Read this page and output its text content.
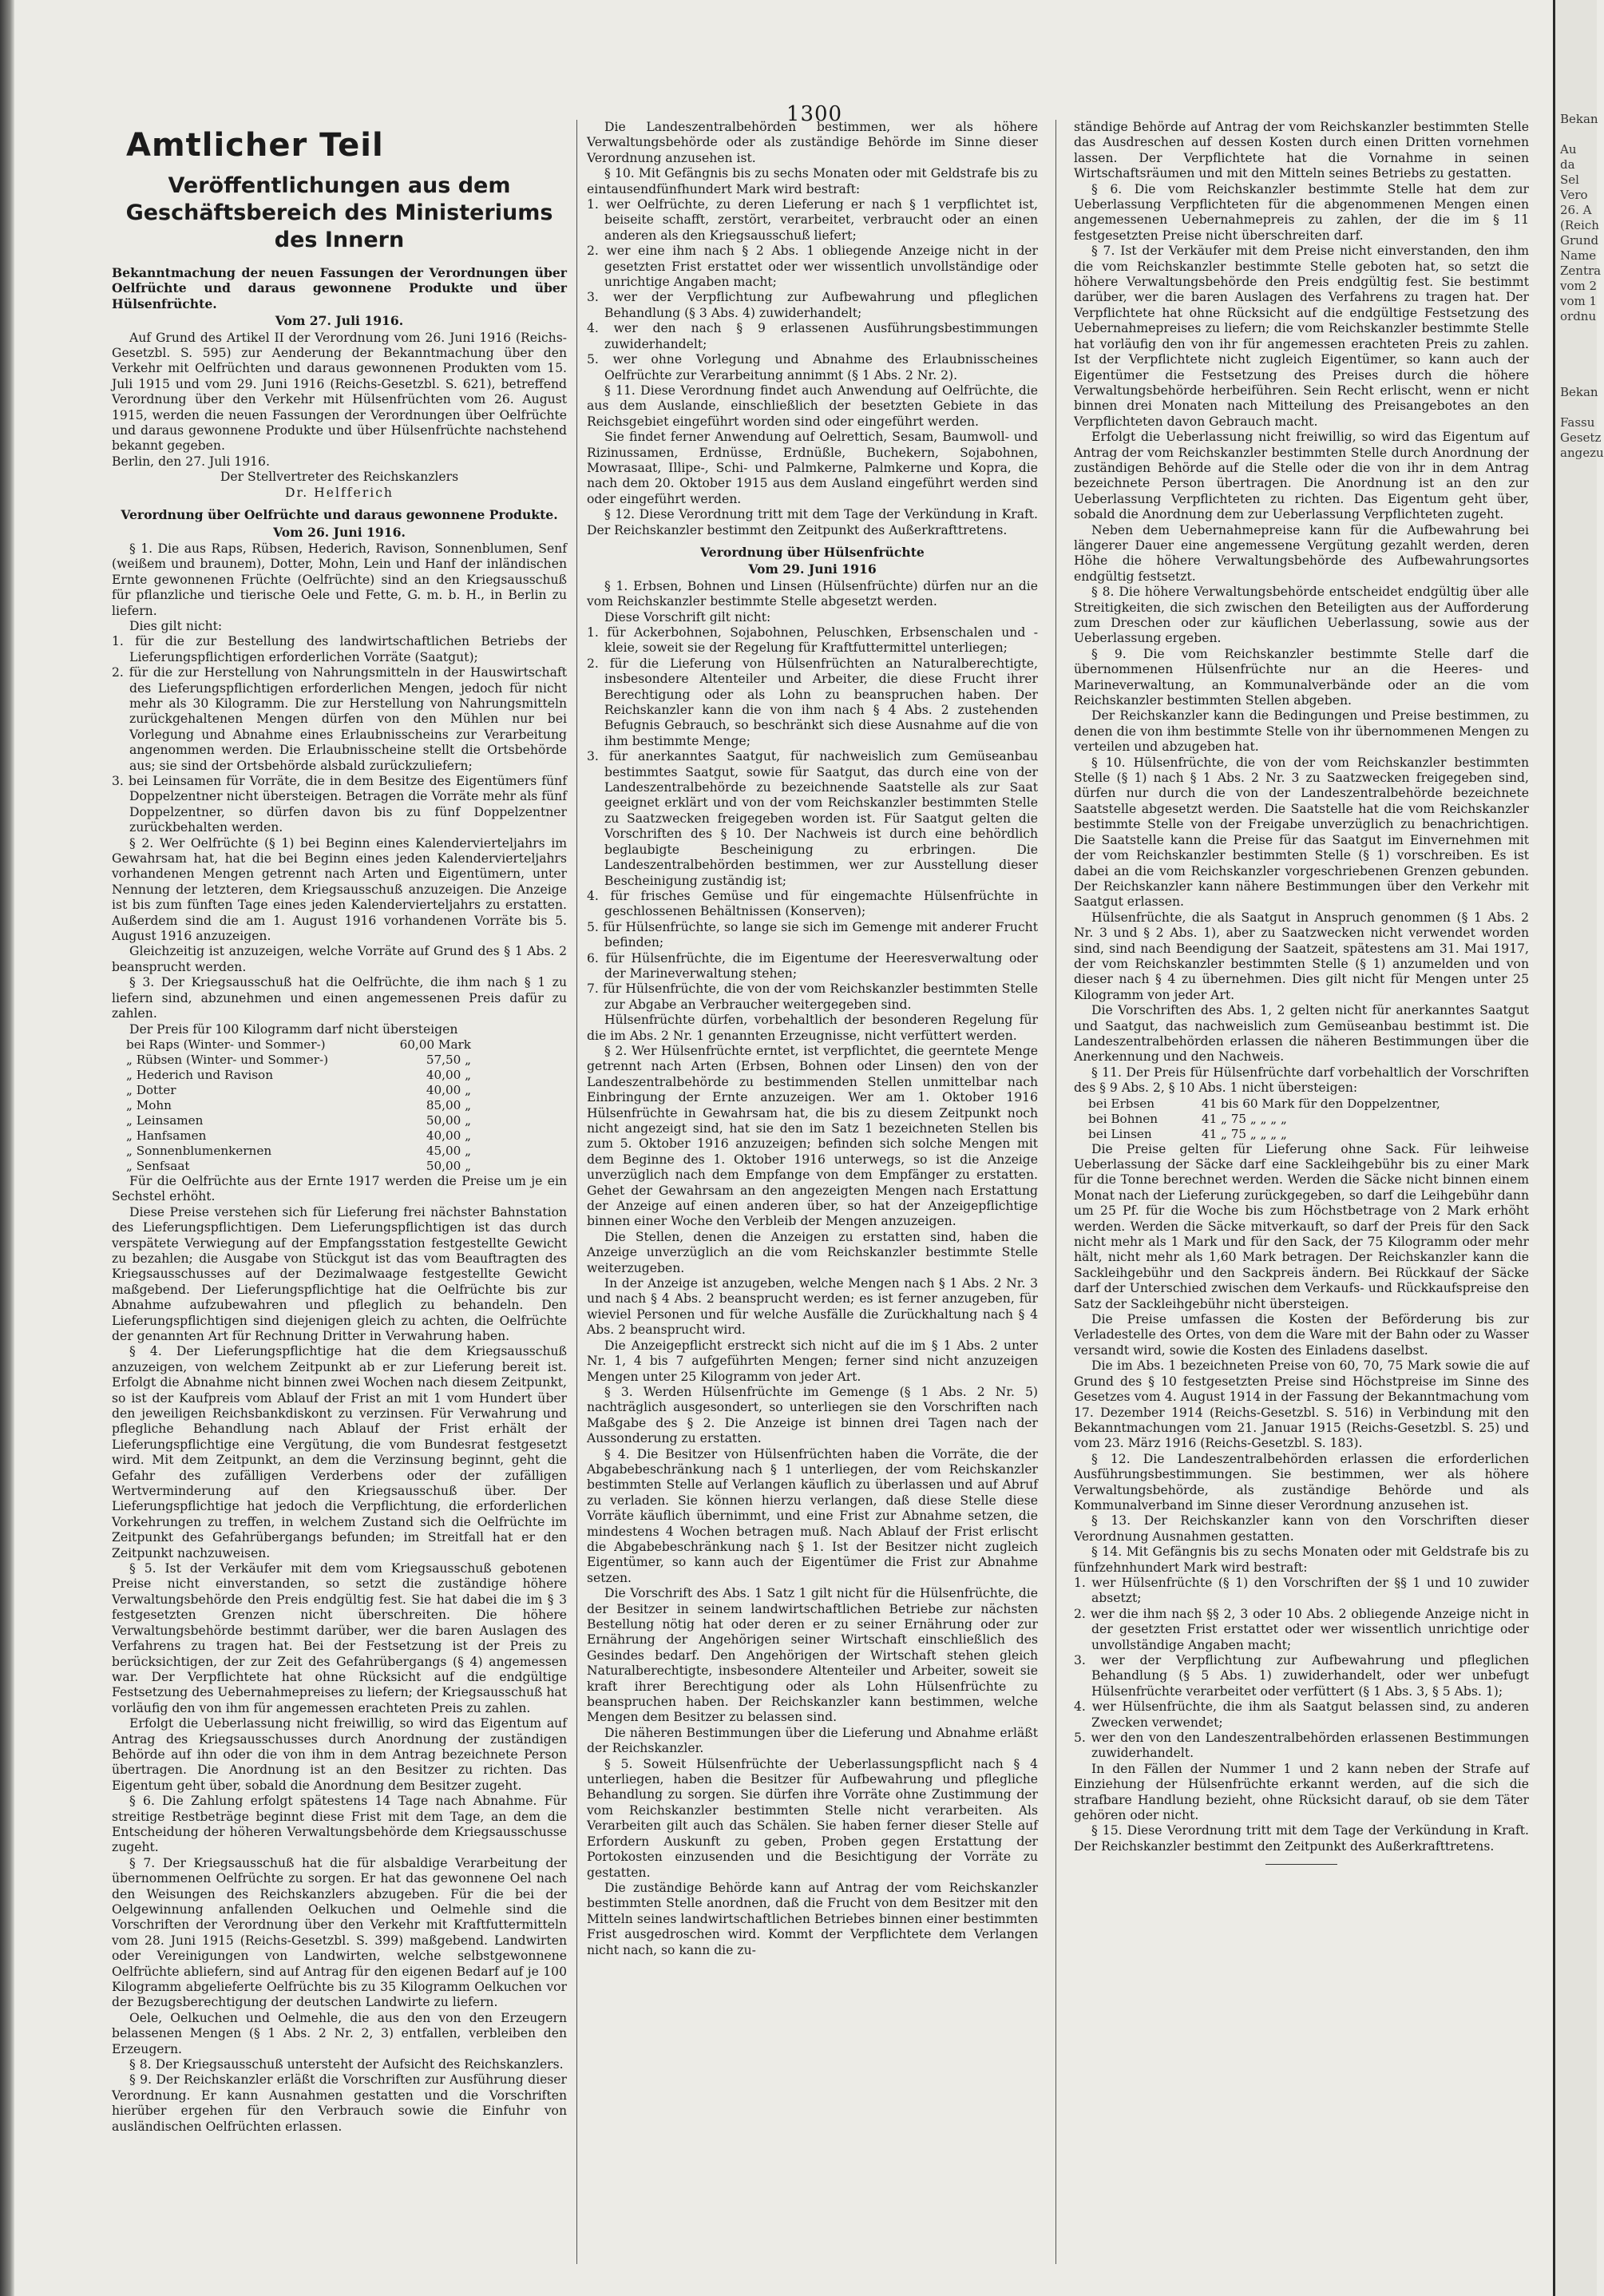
Bekan

Au
da
Sel
Vero
26. A
(Reich
Grund
Name
Zentra
vom 2
vom 1
ordnu

Bekan

Fassu
Gesetz
angezu
1300
Amtlicher Teil
Veröffentlichungen aus dem Geschäftsbereich des Ministeriums des Innern
Bekanntmachung der neuen Fassungen der Verordnungen über Oelfrüchte und daraus gewonnene Produkte und über Hülsenfrüchte.
Vom 27. Juli 1916.

Auf Grund des Artikel II der Verordnung vom 26. Juni 1916 (Reichs-Gesetzbl. S. 595) zur Aenderung der Bekanntmachung über den Verkehr mit Oelfrüchten und daraus gewonnenen Produkten vom 15. Juli 1915 und vom 29. Juni 1916 (Reichs-Gesetzbl. S. 621), betreffend Verordnung über den Verkehr mit Hülsenfrüchten vom 26. August 1915, werden die neuen Fassungen der Verordnungen über Oelfrüchte und daraus gewonnene Produkte und über Hülsenfrüchte nachstehend bekannt gegeben.

Berlin, den 27. Juli 1916.
Der Stellvertreter des Reichskanzlers
Dr. Helfferich
Verordnung über Oelfrüchte und daraus gewonnene Produkte.
Vom 26. Juni 1916.

§ 1. Die aus Raps, Rübsen, Hederich, Ravison, Sonnenblumen, Senf (weißem und braunem), Dotter, Mohn, Lein und Hanf der inländischen Ernte gewonnenen Früchte (Oelfrüchte) sind an den Kriegsausschuß für pflanzliche und tierische Oele und Fette, G. m. b. H., in Berlin zu liefern.

Dies gilt nicht:

1. für die zur Bestellung des landwirtschaftlichen Betriebs der Lieferungspflichtigen erforderlichen Vorräte (Saatgut);
2. für die zur Herstellung von Nahrungsmitteln in der Hauswirtschaft des Lieferungspflichtigen erforderlichen Mengen, jedoch für nicht mehr als 30 Kilogramm. Die zur Herstellung von Nahrungsmitteln zurückgehaltenen Mengen dürfen von den Mühlen nur bei Vorlegung und Abnahme eines Erlaubnisscheins zur Verarbeitung angenommen werden. Die Erlaubnisscheine stellt die Ortsbehörde aus; sie sind der Ortsbehörde alsbald zurückzuliefern;
3. bei Leinsamen für Vorräte, die in dem Besitze des Eigentümers fünf Doppelzentner nicht übersteigen. Betragen die Vorräte mehr als fünf Doppelzentner, so dürfen davon bis zu fünf Doppelzentner zurückbehalten werden.

§ 2. Wer Oelfrüchte (§ 1) bei Beginn eines Kalendervierteljahrs im Gewahrsam hat, hat die bei Beginn eines jeden Kalendervierteljahrs vorhandenen Mengen getrennt nach Arten und Eigentümern, unter Nennung der letzteren, dem Kriegsausschuß anzuzeigen. Die Anzeige ist bis zum fünften Tage eines jeden Kalendervierteljahrs zu erstatten. Außerdem sind die am 1. August 1916 vorhandenen Vorräte bis 5. August 1916 anzuzeigen.

Gleichzeitig ist anzuzeigen, welche Vorräte auf Grund des § 1 Abs. 2 beansprucht werden.

§ 3. Der Kriegsausschuß hat die Oelfrüchte, die ihm nach § 1 zu liefern sind, abzunehmen und einen angemessenen Preis dafür zu zahlen.

Der Preis für 100 Kilogramm darf nicht übersteigen

bei Raps (Winter- und Sommer-)	60,00 Mark
„ Rübsen (Winter- und Sommer-)	57,50 „
„ Hederich und Ravison	40,00 „
„ Dotter	40,00 „
„ Mohn	85,00 „
„ Leinsamen	50,00 „
„ Hanfsamen	40,00 „
„ Sonnenblumenkernen	45,00 „
„ Senfsaat	50,00 „

Für die Oelfrüchte aus der Ernte 1917 werden die Preise um je ein Sechstel erhöht.

Diese Preise verstehen sich für Lieferung frei nächster Bahnstation des Lieferungspflichtigen. Dem Lieferungspflichtigen ist das durch verspätete Verwiegung auf der Empfangsstation festgestellte Gewicht zu bezahlen; die Ausgabe von Stückgut ist das vom Beauftragten des Kriegsausschusses auf der Dezimalwaage festgestellte Gewicht maßgebend. Der Lieferungspflichtige hat die Oelfrüchte bis zur Abnahme aufzubewahren und pfleglich zu behandeln. Den Lieferungspflichtigen sind diejenigen gleich zu achten, die Oelfrüchte der genannten Art für Rechnung Dritter in Verwahrung haben.

§ 4. Der Lieferungspflichtige hat die dem Kriegsausschuß anzuzeigen, von welchem Zeitpunkt ab er zur Lieferung bereit ist. Erfolgt die Abnahme nicht binnen zwei Wochen nach diesem Zeitpunkt, so ist der Kaufpreis vom Ablauf der Frist an mit 1 vom Hundert über den jeweiligen Reichsbankdiskont zu verzinsen. Für Verwahrung und pflegliche Behandlung nach Ablauf der Frist erhält der Lieferungspflichtige eine Vergütung, die vom Bundesrat festgesetzt wird. Mit dem Zeitpunkt, an dem die Verzinsung beginnt, geht die Gefahr des zufälligen Verderbens oder der zufälligen Wertverminderung auf den Kriegsausschuß über. Der Lieferungspflichtige hat jedoch die Verpflichtung, die erforderlichen Vorkehrungen zu treffen, in welchem Zustand sich die Oelfrüchte im Zeitpunkt des Gefahrübergangs befunden; im Streitfall hat er den Zeitpunkt nachzuweisen.

§ 5. Ist der Verkäufer mit dem vom Kriegsausschuß gebotenen Preise nicht einverstanden, so setzt die zuständige höhere Verwaltungsbehörde den Preis endgültig fest. Sie hat dabei die im § 3 festgesetzten Grenzen nicht überschreiten. Die höhere Verwaltungsbehörde bestimmt darüber, wer die baren Auslagen des Verfahrens zu tragen hat. Bei der Festsetzung ist der Preis zu berücksichtigen, der zur Zeit des Gefahrübergangs (§ 4) angemessen war. Der Verpflichtete hat ohne Rücksicht auf die endgültige Festsetzung des Uebernahmepreises zu liefern; der Kriegsausschuß hat vorläufig den von ihm für angemessen erachteten Preis zu zahlen.

Erfolgt die Ueberlassung nicht freiwillig, so wird das Eigentum auf Antrag des Kriegsausschusses durch Anordnung der zuständigen Behörde auf ihn oder die von ihm in dem Antrag bezeichnete Person übertragen. Die Anordnung ist an den Besitzer zu richten. Das Eigentum geht über, sobald die Anordnung dem Besitzer zugeht.

§ 6. Die Zahlung erfolgt spätestens 14 Tage nach Abnahme. Für streitige Restbeträge beginnt diese Frist mit dem Tage, an dem die Entscheidung der höheren Verwaltungsbehörde dem Kriegsausschusse zugeht.

§ 7. Der Kriegsausschuß hat die für alsbaldige Verarbeitung der übernommenen Oelfrüchte zu sorgen. Er hat das gewonnene Oel nach den Weisungen des Reichskanzlers abzugeben. Für die bei der Oelgewinnung anfallenden Oelkuchen und Oelmehle sind die Vorschriften der Verordnung über den Verkehr mit Kraftfuttermitteln vom 28. Juni 1915 (Reichs-Gesetzbl. S. 399) maßgebend. Landwirten oder Vereinigungen von Landwirten, welche selbstgewonnene Oelfrüchte abliefern, sind auf Antrag für den eigenen Bedarf auf je 100 Kilogramm abgelieferte Oelfrüchte bis zu 35 Kilogramm Oelkuchen vor der Bezugsberechtigung der deutschen Landwirte zu liefern.

Oele, Oelkuchen und Oelmehle, die aus den von den Erzeugern belassenen Mengen (§ 1 Abs. 2 Nr. 2, 3) entfallen, verbleiben den Erzeugern.

§ 8. Der Kriegsausschuß untersteht der Aufsicht des Reichskanzlers.

§ 9. Der Reichskanzler erläßt die Vorschriften zur Ausführung dieser Verordnung. Er kann Ausnahmen gestatten und die Vorschriften hierüber ergehen für den Verbrauch sowie die Einfuhr von ausländischen Oelfrüchten erlassen.

Die Landeszentralbehörden bestimmen, wer als höhere Verwaltungsbehörde oder als zuständige Behörde im Sinne dieser Verordnung anzusehen ist.

§ 10. Mit Gefängnis bis zu sechs Monaten oder mit Geldstrafe bis zu eintausendfünfhundert Mark wird bestraft:

1. wer Oelfrüchte, zu deren Lieferung er nach § 1 verpflichtet ist, beiseite schafft, zerstört, verarbeitet, verbraucht oder an einen anderen als den Kriegsausschuß liefert;
2. wer eine ihm nach § 2 Abs. 1 obliegende Anzeige nicht in der gesetzten Frist erstattet oder wer wissentlich unvollständige oder unrichtige Angaben macht;
3. wer der Verpflichtung zur Aufbewahrung und pfleglichen Behandlung (§ 3 Abs. 4) zuwiderhandelt;
4. wer den nach § 9 erlassenen Ausführungsbestimmungen zuwiderhandelt;
5. wer ohne Vorlegung und Abnahme des Erlaubnisscheines Oelfrüchte zur Verarbeitung annimmt (§ 1 Abs. 2 Nr. 2).

§ 11. Diese Verordnung findet auch Anwendung auf Oelfrüchte, die aus dem Auslande, einschließlich der besetzten Gebiete in das Reichsgebiet eingeführt worden sind oder eingeführt werden.

Sie findet ferner Anwendung auf Oelrettich, Sesam, Baumwoll- und Rizinussamen, Erdnüsse, Erdnüßle, Buchekern, Sojabohnen, Mowrasaat, Illipe-, Schi- und Palmkerne, Palmkerne und Kopra, die nach dem 20. Oktober 1915 aus dem Ausland eingeführt werden sind oder eingeführt werden.

§ 12. Diese Verordnung tritt mit dem Tage der Verkündung in Kraft. Der Reichskanzler bestimmt den Zeitpunkt des Außerkrafttretens.

Verordnung über Hülsenfrüchte
Vom 29. Juni 1916

§ 1. Erbsen, Bohnen und Linsen (Hülsenfrüchte) dürfen nur an die vom Reichskanzler bestimmte Stelle abgesetzt werden.

Diese Vorschrift gilt nicht:

1. für Ackerbohnen, Sojabohnen, Peluschken, Erbsenschalen und -kleie, soweit sie der Regelung für Kraftfuttermittel unterliegen;
2. für die Lieferung von Hülsenfrüchten an Naturalberechtigte, insbesondere Altenteiler und Arbeiter, die diese Frucht ihrer Berechtigung oder als Lohn zu beanspruchen haben. Der Reichskanzler kann die von ihm nach § 4 Abs. 2 zustehenden Befugnis Gebrauch, so beschränkt sich diese Ausnahme auf die von ihm bestimmte Menge;
3. für anerkanntes Saatgut, für nachweislich zum Gemüseanbau bestimmtes Saatgut, sowie für Saatgut, das durch eine von der Landeszentralbehörde zu bezeichnende Saatstelle als zur Saat geeignet erklärt und von der vom Reichskanzler bestimmten Stelle zu Saatzwecken freigegeben worden ist. Für Saatgut gelten die Vorschriften des § 10. Der Nachweis ist durch eine behördlich beglaubigte Bescheinigung zu erbringen. Die Landeszentralbehörden bestimmen, wer zur Ausstellung dieser Bescheinigung zuständig ist;
4. für frisches Gemüse und für eingemachte Hülsenfrüchte in geschlossenen Behältnissen (Konserven);
5. für Hülsenfrüchte, so lange sie sich im Gemenge mit anderer Frucht befinden;
6. für Hülsenfrüchte, die im Eigentume der Heeresverwaltung oder der Marineverwaltung stehen;
7. für Hülsenfrüchte, die von der vom Reichskanzler bestimmten Stelle zur Abgabe an Verbraucher weitergegeben sind.

Hülsenfrüchte dürfen, vorbehaltlich der besonderen Regelung für die im Abs. 2 Nr. 1 genannten Erzeugnisse, nicht verfüttert werden.

§ 2. Wer Hülsenfrüchte erntet, ist verpflichtet, die geerntete Menge getrennt nach Arten (Erbsen, Bohnen oder Linsen) den von der Landeszentralbehörde zu bestimmenden Stellen unmittelbar nach Einbringung der Ernte anzuzeigen. Wer am 1. Oktober 1916 Hülsenfrüchte in Gewahrsam hat, die bis zu diesem Zeitpunkt noch nicht angezeigt sind, hat sie den im Satz 1 bezeichneten Stellen bis zum 5. Oktober 1916 anzuzeigen; befinden sich solche Mengen mit dem Beginne des 1. Oktober 1916 unterwegs, so ist die Anzeige unverzüglich nach dem Empfange von dem Empfänger zu erstatten. Gehet der Gewahrsam an den angezeigten Mengen nach Erstattung der Anzeige auf einen anderen über, so hat der Anzeigepflichtige binnen einer Woche den Verbleib der Mengen anzuzeigen.

Die Stellen, denen die Anzeigen zu erstatten sind, haben die Anzeige unverzüglich an die vom Reichskanzler bestimmte Stelle weiterzugeben.

In der Anzeige ist anzugeben, welche Mengen nach § 1 Abs. 2 Nr. 3 und nach § 4 Abs. 2 beansprucht werden; es ist ferner anzugeben, für wieviel Personen und für welche Ausfälle die Zurückhaltung nach § 4 Abs. 2 beansprucht wird.

Die Anzeigepflicht erstreckt sich nicht auf die im § 1 Abs. 2 unter Nr. 1, 4 bis 7 aufgeführten Mengen; ferner sind nicht anzuzeigen Mengen unter 25 Kilogramm von jeder Art.

§ 3. Werden Hülsenfrüchte im Gemenge (§ 1 Abs. 2 Nr. 5) nachträglich ausgesondert, so unterliegen sie den Vorschriften nach Maßgabe des § 2. Die Anzeige ist binnen drei Tagen nach der Aussonderung zu erstatten.

§ 4. Die Besitzer von Hülsenfrüchten haben die Vorräte, die der Abgabebeschränkung nach § 1 unterliegen, der vom Reichskanzler bestimmten Stelle auf Verlangen käuflich zu überlassen und auf Abruf zu verladen. Sie können hierzu verlangen, daß diese Stelle diese Vorräte käuflich übernimmt, und eine Frist zur Abnahme setzen, die mindestens 4 Wochen betragen muß. Nach Ablauf der Frist erlischt die Abgabebeschränkung nach § 1. Ist der Besitzer nicht zugleich Eigentümer, so kann auch der Eigentümer die Frist zur Abnahme setzen.

Die Vorschrift des Abs. 1 Satz 1 gilt nicht für die Hülsenfrüchte, die der Besitzer in seinem landwirtschaftlichen Betriebe zur nächsten Bestellung nötig hat oder deren er zu seiner Ernährung oder zur Ernährung der Angehörigen seiner Wirtschaft einschließlich des Gesindes bedarf. Den Angehörigen der Wirtschaft stehen gleich Naturalberechtigte, insbesondere Altenteiler und Arbeiter, soweit sie kraft ihrer Berechtigung oder als Lohn Hülsenfrüchte zu beanspruchen haben. Der Reichskanzler kann bestimmen, welche Mengen dem Besitzer zu belassen sind.

Die näheren Bestimmungen über die Lieferung und Abnahme erläßt der Reichskanzler.

§ 5. Soweit Hülsenfrüchte der Ueberlassungspflicht nach § 4 unterliegen, haben die Besitzer für Aufbewahrung und pflegliche Behandlung zu sorgen. Sie dürfen ihre Vorräte ohne Zustimmung der vom Reichskanzler bestimmten Stelle nicht verarbeiten. Als Verarbeiten gilt auch das Schälen. Sie haben ferner dieser Stelle auf Erfordern Auskunft zu geben, Proben gegen Erstattung der Portokosten einzusenden und die Besichtigung der Vorräte zu gestatten.

Die zuständige Behörde kann auf Antrag der vom Reichskanzler bestimmten Stelle anordnen, daß die Frucht von dem Besitzer mit den Mitteln seines landwirtschaftlichen Betriebes binnen einer bestimmten Frist ausgedroschen wird. Kommt der Verpflichtete dem Verlangen nicht nach, so kann die zu-

ständige Behörde auf Antrag der vom Reichskanzler bestimmten Stelle das Ausdreschen auf dessen Kosten durch einen Dritten vornehmen lassen. Der Verpflichtete hat die Vornahme in seinen Wirtschaftsräumen und mit den Mitteln seines Betriebs zu gestatten.

§ 6. Die vom Reichskanzler bestimmte Stelle hat dem zur Ueberlassung Verpflichteten für die abgenommenen Mengen einen angemessenen Uebernahmepreis zu zahlen, der die im § 11 festgesetzten Preise nicht überschreiten darf.

§ 7. Ist der Verkäufer mit dem Preise nicht einverstanden, den ihm die vom Reichskanzler bestimmte Stelle geboten hat, so setzt die höhere Verwaltungsbehörde den Preis endgültig fest. Sie bestimmt darüber, wer die baren Auslagen des Verfahrens zu tragen hat. Der Verpflichtete hat ohne Rücksicht auf die endgültige Festsetzung des Uebernahmepreises zu liefern; die vom Reichskanzler bestimmte Stelle hat vorläufig den von ihr für angemessen erachteten Preis zu zahlen. Ist der Verpflichtete nicht zugleich Eigentümer, so kann auch der Eigentümer die Festsetzung des Preises durch die höhere Verwaltungsbehörde herbeiführen. Sein Recht erlischt, wenn er nicht binnen drei Monaten nach Mitteilung des Preisangebotes an den Verpflichteten davon Gebrauch macht.

Erfolgt die Ueberlassung nicht freiwillig, so wird das Eigentum auf Antrag der vom Reichskanzler bestimmten Stelle durch Anordnung der zuständigen Behörde auf die Stelle oder die von ihr in dem Antrag bezeichnete Person übertragen. Die Anordnung ist an den zur Ueberlassung Verpflichteten zu richten. Das Eigentum geht über, sobald die Anordnung dem zur Ueberlassung Verpflichteten zugeht.

Neben dem Uebernahmepreise kann für die Aufbewahrung bei längerer Dauer eine angemessene Vergütung gezahlt werden, deren Höhe die höhere Verwaltungsbehörde des Aufbewahrungsortes endgültig festsetzt.

§ 8. Die höhere Verwaltungsbehörde entscheidet endgültig über alle Streitigkeiten, die sich zwischen den Beteiligten aus der Aufforderung zum Dreschen oder zur käuflichen Ueberlassung, sowie aus der Ueberlassung ergeben.

§ 9. Die vom Reichskanzler bestimmte Stelle darf die übernommenen Hülsenfrüchte nur an die Heeres- und Marineverwaltung, an Kommunalverbände oder an die vom Reichskanzler bestimmten Stellen abgeben.

Der Reichskanzler kann die Bedingungen und Preise bestimmen, zu denen die von ihm bestimmte Stelle von ihr übernommenen Mengen zu verteilen und abzugeben hat.

§ 10. Hülsenfrüchte, die von der vom Reichskanzler bestimmten Stelle (§ 1) nach § 1 Abs. 2 Nr. 3 zu Saatzwecken freigegeben sind, dürfen nur durch die von der Landeszentralbehörde bezeichnete Saatstelle abgesetzt werden. Die Saatstelle hat die vom Reichskanzler bestimmte Stelle von der Freigabe unverzüglich zu benachrichtigen. Die Saatstelle kann die Preise für das Saatgut im Einvernehmen mit der vom Reichskanzler bestimmten Stelle (§ 1) vorschreiben. Es ist dabei an die vom Reichskanzler vorgeschriebenen Grenzen gebunden. Der Reichskanzler kann nähere Bestimmungen über den Verkehr mit Saatgut erlassen.

Hülsenfrüchte, die als Saatgut in Anspruch genommen (§ 1 Abs. 2 Nr. 3 und § 2 Abs. 1), aber zu Saatzwecken nicht verwendet worden sind, sind nach Beendigung der Saatzeit, spätestens am 31. Mai 1917, der vom Reichskanzler bestimmten Stelle (§ 1) anzumelden und von dieser nach § 4 zu übernehmen. Dies gilt nicht für Mengen unter 25 Kilogramm von jeder Art.

Die Vorschriften des Abs. 1, 2 gelten nicht für anerkanntes Saatgut und Saatgut, das nachweislich zum Gemüseanbau bestimmt ist. Die Landeszentralbehörden erlassen die näheren Bestimmungen über die Anerkennung und den Nachweis.

§ 11. Der Preis für Hülsenfrüchte darf vorbehaltlich der Vorschriften des § 9 Abs. 2, § 10 Abs. 1 nicht übersteigen:

bei Erbsen	41 bis 60 Mark für den Doppelzentner,
bei Bohnen	41 „ 75 „ „ „ „
bei Linsen	41 „ 75 „ „ „ „

Die Preise gelten für Lieferung ohne Sack. Für leihweise Ueberlassung der Säcke darf eine Sackleihgebühr bis zu einer Mark für die Tonne berechnet werden. Werden die Säcke nicht binnen einem Monat nach der Lieferung zurückgegeben, so darf die Leihgebühr dann um 25 Pf. für die Woche bis zum Höchstbetrage von 2 Mark erhöht werden. Werden die Säcke mitverkauft, so darf der Preis für den Sack nicht mehr als 1 Mark und für den Sack, der 75 Kilogramm oder mehr hält, nicht mehr als 1,60 Mark betragen. Der Reichskanzler kann die Sackleihgebühr und den Sackpreis ändern. Bei Rückkauf der Säcke darf der Unterschied zwischen dem Verkaufs- und Rückkaufspreise den Satz der Sackleihgebühr nicht übersteigen.

Die Preise umfassen die Kosten der Beförderung bis zur Verladestelle des Ortes, von dem die Ware mit der Bahn oder zu Wasser versandt wird, sowie die Kosten des Einladens daselbst.

Die im Abs. 1 bezeichneten Preise von 60, 70, 75 Mark sowie die auf Grund des § 10 festgesetzten Preise sind Höchstpreise im Sinne des Gesetzes vom 4. August 1914 in der Fassung der Bekanntmachung vom 17. Dezember 1914 (Reichs-Gesetzbl. S. 516) in Verbindung mit den Bekanntmachungen vom 21. Januar 1915 (Reichs-Gesetzbl. S. 25) und vom 23. März 1916 (Reichs-Gesetzbl. S. 183).

§ 12. Die Landeszentralbehörden erlassen die erforderlichen Ausführungsbestimmungen. Sie bestimmen, wer als höhere Verwaltungsbehörde, als zuständige Behörde und als Kommunalverband im Sinne dieser Verordnung anzusehen ist.

§ 13. Der Reichskanzler kann von den Vorschriften dieser Verordnung Ausnahmen gestatten.

§ 14. Mit Gefängnis bis zu sechs Monaten oder mit Geldstrafe bis zu fünfzehnhundert Mark wird bestraft:

1. wer Hülsenfrüchte (§ 1) den Vorschriften der §§ 1 und 10 zuwider absetzt;
2. wer die ihm nach §§ 2, 3 oder 10 Abs. 2 obliegende Anzeige nicht in der gesetzten Frist erstattet oder wer wissentlich unrichtige oder unvollständige Angaben macht;
3. wer der Verpflichtung zur Aufbewahrung und pfleglichen Behandlung (§ 5 Abs. 1) zuwiderhandelt, oder wer unbefugt Hülsenfrüchte verarbeitet oder verfüttert (§ 1 Abs. 3, § 5 Abs. 1);
4. wer Hülsenfrüchte, die ihm als Saatgut belassen sind, zu anderen Zwecken verwendet;
5. wer den von den Landeszentralbehörden erlassenen Bestimmungen zuwiderhandelt.

In den Fällen der Nummer 1 und 2 kann neben der Strafe auf Einziehung der Hülsenfrüchte erkannt werden, auf die sich die strafbare Handlung bezieht, ohne Rücksicht darauf, ob sie dem Täter gehören oder nicht.

§ 15. Diese Verordnung tritt mit dem Tage der Verkündung in Kraft. Der Reichskanzler bestimmt den Zeitpunkt des Außerkrafttretens.
